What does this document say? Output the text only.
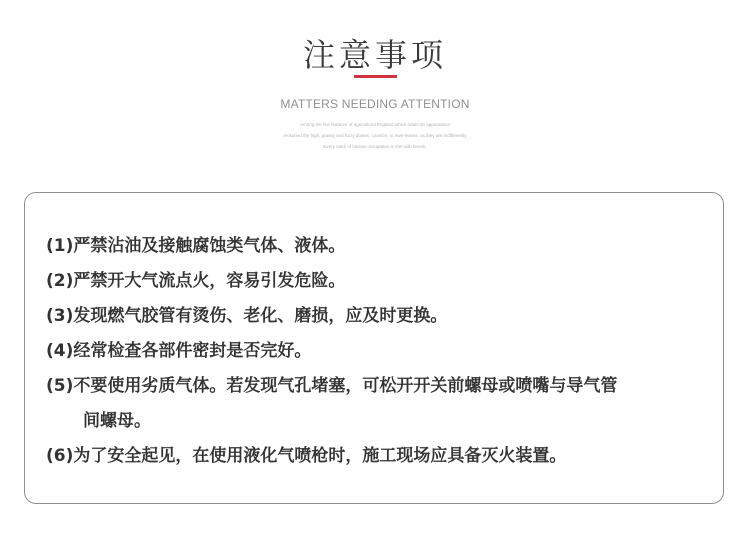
注意事项
MATTERS NEEDING ATTENTION
Among the few features of agricultural England which retain an appearance
reckoned the high, grassy and furzy downs, coombs, or ewe-leases, as they are indifferently
Every mark of human occupation is met with herein.
(1)严禁沾油及接触腐蚀类气体、液体。
(2)严禁开大气流点火，容易引发危险。
(3)发现燃气胶管有烫伤、老化、磨损，应及时更换。
(4)经常检查各部件密封是否完好。
(5)不要使用劣质气体。若发现气孔堵塞，可松开开关前螺母或喷嘴与导气管
间螺母。
(6)为了安全起见，在使用液化气喷枪时，施工现场应具备灭火装置。
